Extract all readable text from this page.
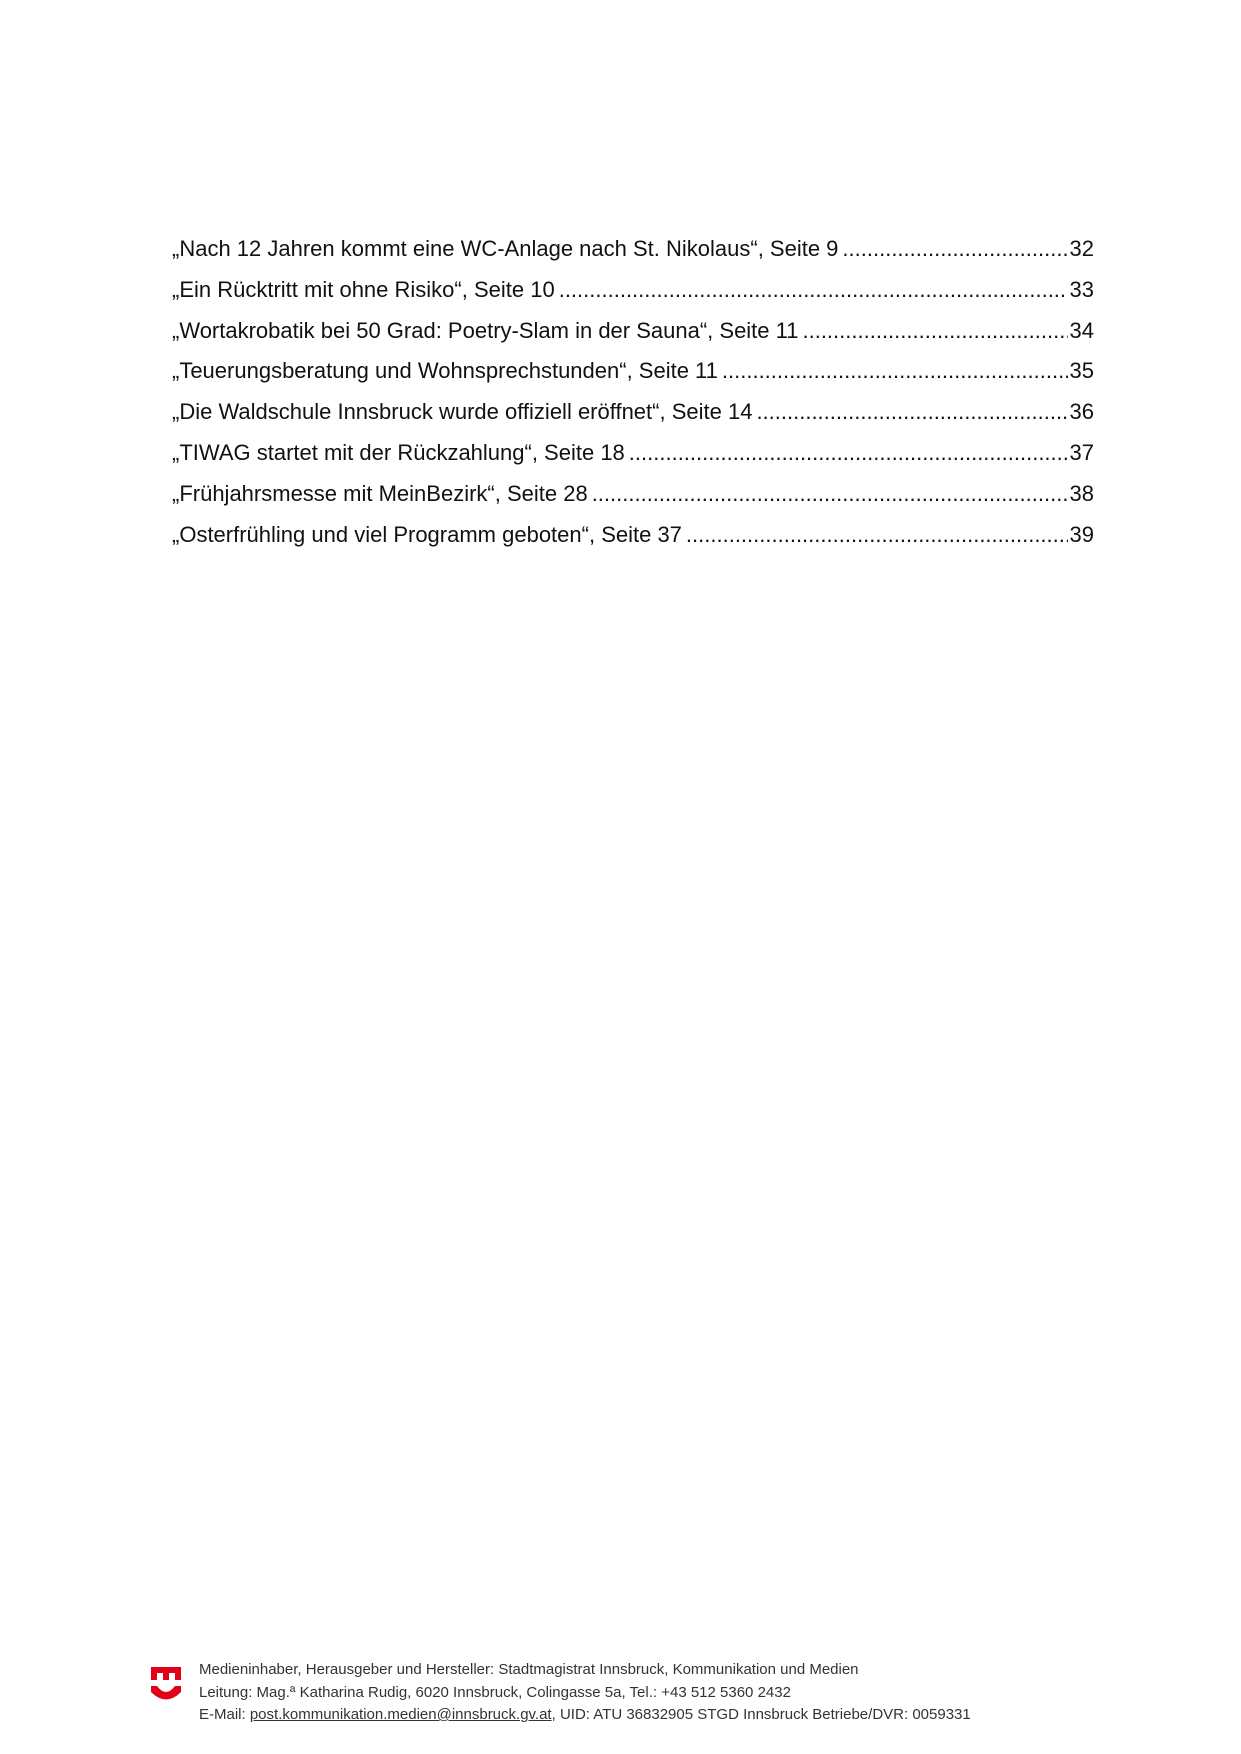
„Nach 12 Jahren kommt eine WC-Anlage nach St. Nikolaus“, Seite 9 .....	32
„Ein Rücktritt mit ohne Risiko“, Seite 10 .....	33
„Wortakrobatik bei 50 Grad: Poetry-Slam in der Sauna“, Seite 11 .....	34
„Teuerungsberatung und Wohnsprechstunden“, Seite 11 .....	35
„Die Waldschule Innsbruck wurde offiziell eröffnet“, Seite 14 .....	36
„TIWAG startet mit der Rückzahlung“, Seite 18 .....	37
„Frühjahrsmesse mit MeinBezirk“, Seite 28 .....	38
„Osterfrühling und viel Programm geboten“, Seite 37 .....	39
Medieninhaber, Herausgeber und Hersteller: Stadtmagistrat Innsbruck, Kommunikation und Medien
Leitung: Mag.ª Katharina Rudig, 6020 Innsbruck, Colingasse 5a, Tel.: +43 512 5360 2432
E-Mail: post.kommunikation.medien@innsbruck.gv.at, UID: ATU 36832905 STGD Innsbruck Betriebe/DVR: 0059331
